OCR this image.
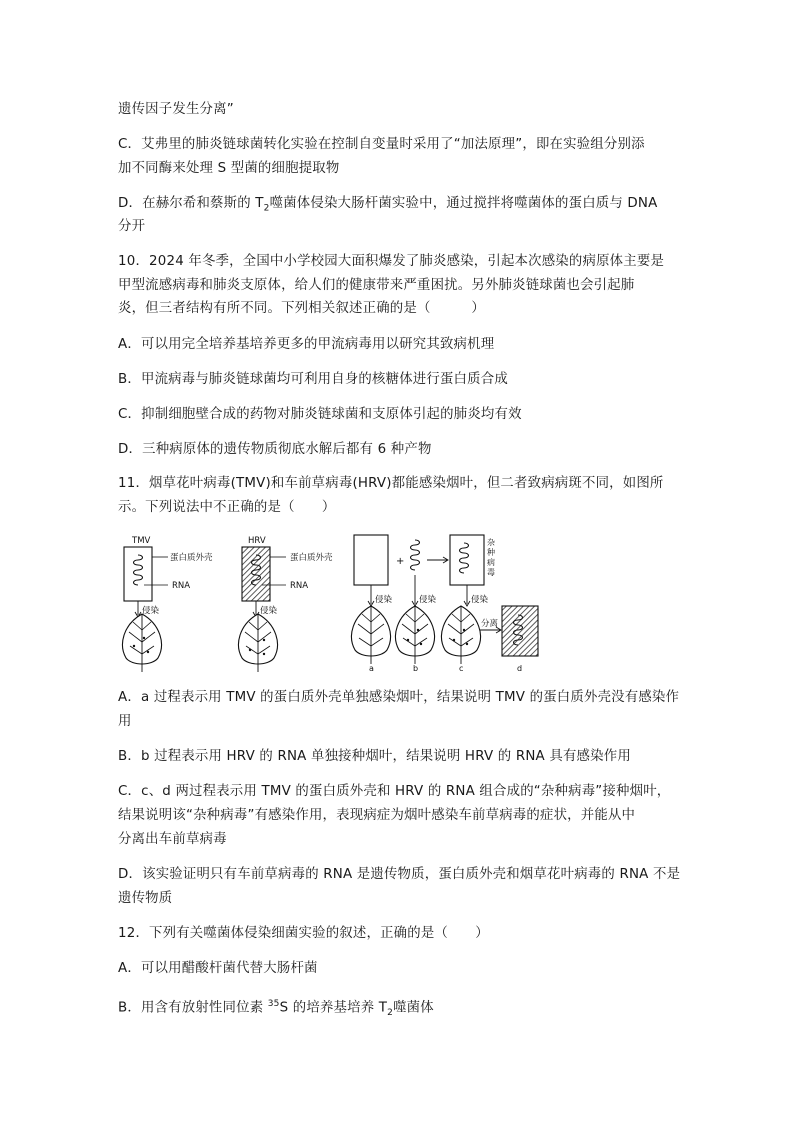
遗传因子发生分离”
C．艾弗里的肺炎链球菌转化实验在控制自变量时采用了“加法原理”，即在实验组分别添
加不同酶来处理 S 型菌的细胞提取物
D．在赫尔希和蔡斯的 $T_2$噬菌体侵染大肠杆菌实验中，通过搅拌将噬菌体的蛋白质与 DNA
分开
10．2024 年冬季，全国中小学校园大面积爆发了肺炎感染，引起本次感染的病原体主要是
甲型流感病毒和肺炎支原体，给人们的健康带来严重困扰。另外肺炎链球菌也会引起肺
炎，但三者结构有所不同。下列相关叙述正确的是（　　　）
A．可以用完全培养基培养更多的甲流病毒用以研究其致病机理
B．甲流病毒与肺炎链球菌均可利用自身的核糖体进行蛋白质合成
C．抑制细胞壁合成的药物对肺炎链球菌和支原体引起的肺炎均有效
D．三种病原体的遗传物质彻底水解后都有 6 种产物
11．烟草花叶病毒(TMV)和车前草病毒(HRV)都能感染烟叶，但二者致病病斑不同，如图所
示。下列说法中不正确的是（　　）
TMV
蛋白质外壳
RNA
侵染
HRV
蛋白质外壳
RNA
侵染
+
杂
种
病
毒
侵染	侵染	侵染
分离
a	b	c	d
A．a 过程表示用 TMV 的蛋白质外壳单独感染烟叶，结果说明 TMV 的蛋白质外壳没有感染作
用
B．b 过程表示用 HRV 的 RNA 单独接种烟叶，结果说明 HRV 的 RNA 具有感染作用
C．c、d 两过程表示用 TMV 的蛋白质外壳和 HRV 的 RNA 组合成的“杂种病毒”接种烟叶，
结果说明该“杂种病毒”有感染作用，表现病症为烟叶感染车前草病毒的症状，并能从中
分离出车前草病毒
D．该实验证明只有车前草病毒的 RNA 是遗传物质，蛋白质外壳和烟草花叶病毒的 RNA 不是
遗传物质
12．下列有关噬菌体侵染细菌实验的叙述，正确的是（　　）
A．可以用醋酸杆菌代替大肠杆菌
B．用含有放射性同位素 $^{35}$S 的培养基培养 $T_2$噬菌体
